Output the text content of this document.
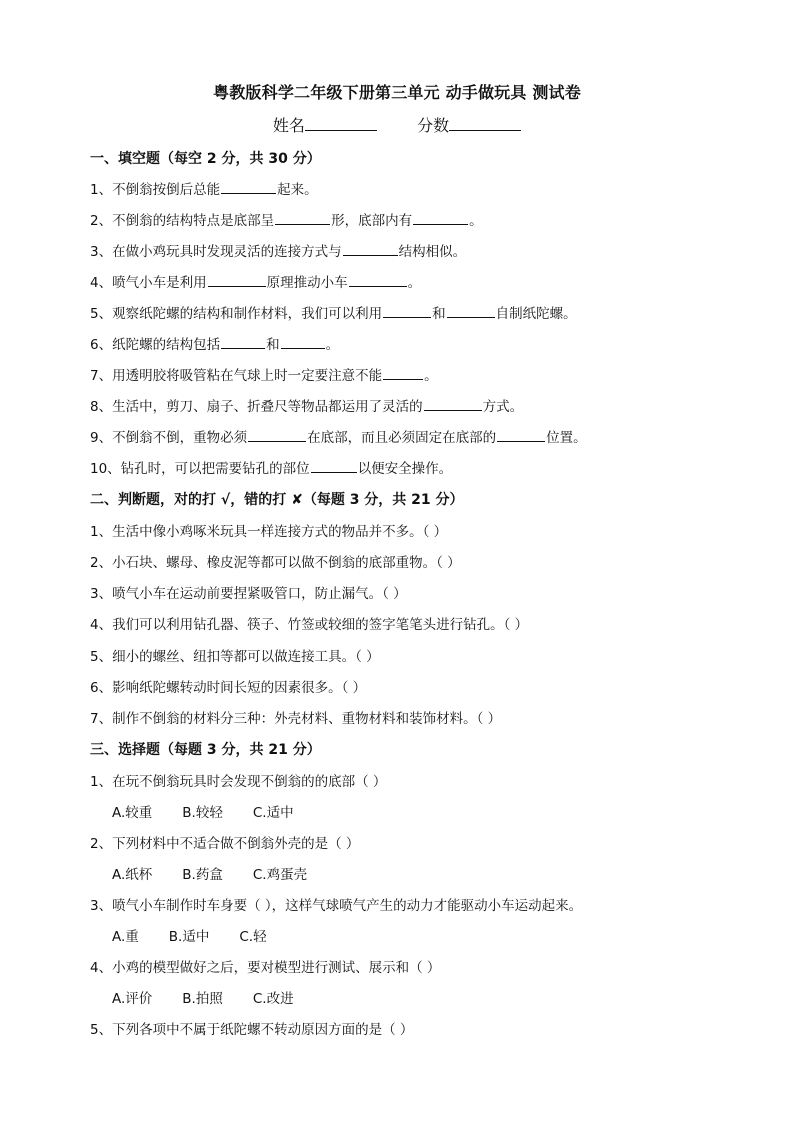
粤教版科学二年级下册第三单元 动手做玩具 测试卷
姓名	分数
一、填空题（每空 2 分，共 30 分）
1、不倒翁按倒后总能	起来。
2、不倒翁的结构特点是底部呈	形，底部内有	。
3、在做小鸡玩具时发现灵活的连接方式与	结构相似。
4、喷气小车是利用	原理推动小车	。
5、观察纸陀螺的结构和制作材料，我们可以利用	和	自制纸陀螺。
6、纸陀螺的结构包括	和	。
7、用透明胶将吸管粘在气球上时一定要注意不能	。
8、生活中，剪刀、扇子、折叠尺等物品都运用了灵活的	方式。
9、不倒翁不倒，重物必须	在底部，而且必须固定在底部的	位置。
10、钻孔时，可以把需要钻孔的部位	以便安全操作。
二、判断题，对的打 √，错的打 ✘（每题 3 分，共 21 分）
1、生活中像小鸡啄米玩具一样连接方式的物品并不多。（ ）
2、小石块、螺母、橡皮泥等都可以做不倒翁的底部重物。（ ）
3、喷气小车在运动前要捏紧吸管口，防止漏气。（ ）
4、我们可以利用钻孔器、筷子、竹签或较细的签字笔笔头进行钻孔。（ ）
5、细小的螺丝、纽扣等都可以做连接工具。（ ）
6、影响纸陀螺转动时间长短的因素很多。（ ）
7、制作不倒翁的材料分三种：外壳材料、重物材料和装饰材料。（ ）
三、选择题（每题 3 分，共 21 分）
1、在玩不倒翁玩具时会发现不倒翁的的底部（ ）
A.较重 B.较轻 C.适中
2、下列材料中不适合做不倒翁外壳的是（ ）
A.纸杯 B.药盒 C.鸡蛋壳
3、喷气小车制作时车身要（ ），这样气球喷气产生的动力才能驱动小车运动起来。
A.重 B.适中 C.轻
4、小鸡的模型做好之后，要对模型进行测试、展示和（ ）
A.评价 B.拍照 C.改进
5、下列各项中不属于纸陀螺不转动原因方面的是（ ）
